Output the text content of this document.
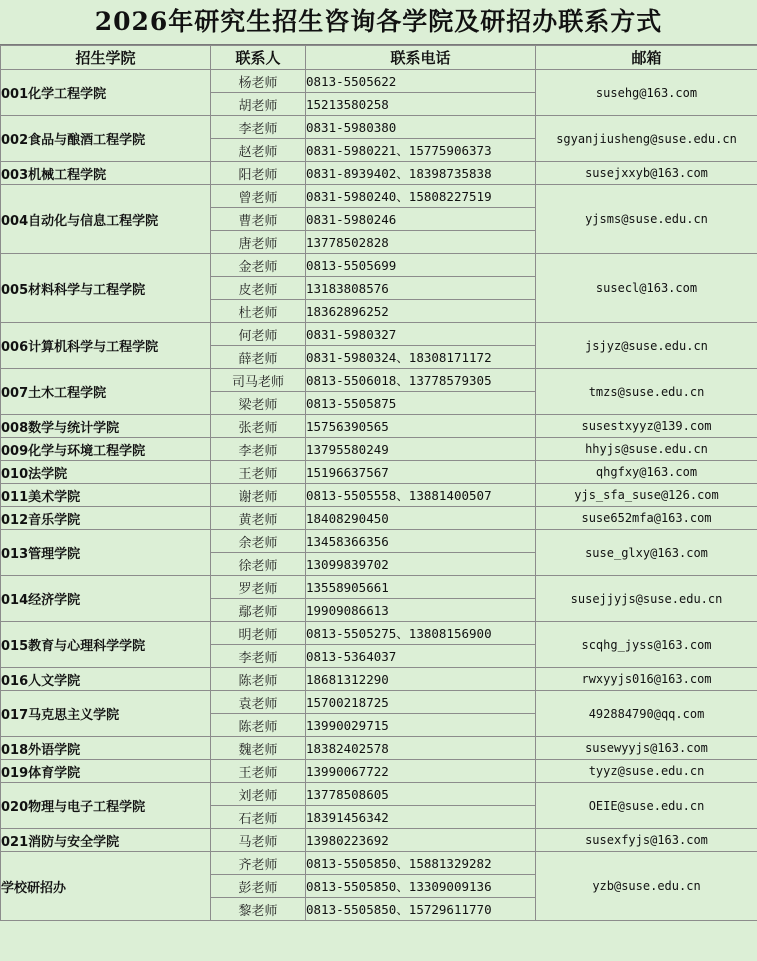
2026年研究生招生咨询各学院及研招办联系方式
招生学院	联系人	联系电话	邮箱
001化学工程学院	杨老师	0813-5505622	susehg@163.com
	胡老师	15213580258	
002食品与酿酒工程学院	李老师	0831-5980380	sgyanjiusheng@suse.edu.cn
	赵老师	0831-5980221、15775906373	
003机械工程学院	阳老师	0831-8939402、18398735838	susejxxyb@163.com
004自动化与信息工程学院	曾老师	0831-5980240、15808227519	yjsms@suse.edu.cn
	曹老师	0831-5980246	
	唐老师	13778502828	
005材料科学与工程学院	金老师	0813-5505699	susecl@163.com
	皮老师	13183808576	
	杜老师	18362896252	
006计算机科学与工程学院	何老师	0831-5980327	jsjyz@suse.edu.cn
	薛老师	0831-5980324、18308171172	
007土木工程学院	司马老师	0813-5506018、13778579305	tmzs@suse.edu.cn
	梁老师	0813-5505875	
008数学与统计学院	张老师	15756390565	susestxyyz@139.com
009化学与环境工程学院	李老师	13795580249	hhyjs@suse.edu.cn
010法学院	王老师	15196637567	qhgfxy@163.com
011美术学院	谢老师	0813-5505558、13881400507	yjs_sfa_suse@126.com
012音乐学院	黄老师	18408290450	suse652mfa@163.com
013管理学院	余老师	13458366356	suse_glxy@163.com
	徐老师	13099839702	
014经济学院	罗老师	13558905661	susejjyjs@suse.edu.cn
	鄢老师	19909086613	
015教育与心理科学学院	明老师	0813-5505275、13808156900	scqhg_jyss@163.com
	李老师	0813-5364037	
016人文学院	陈老师	18681312290	rwxyyjs016@163.com
017马克思主义学院	袁老师	15700218725	492884790@qq.com
	陈老师	13990029715	
018外语学院	魏老师	18382402578	susewyyjs@163.com
019体育学院	王老师	13990067722	tyyz@suse.edu.cn
020物理与电子工程学院	刘老师	13778508605	OEIE@suse.edu.cn
	石老师	18391456342	
021消防与安全学院	马老师	13980223692	susexfyjs@163.com
学校研招办	齐老师	0813-5505850、15881329282	yzb@suse.edu.cn
	彭老师	0813-5505850、13309009136	
	黎老师	0813-5505850、15729611770	
